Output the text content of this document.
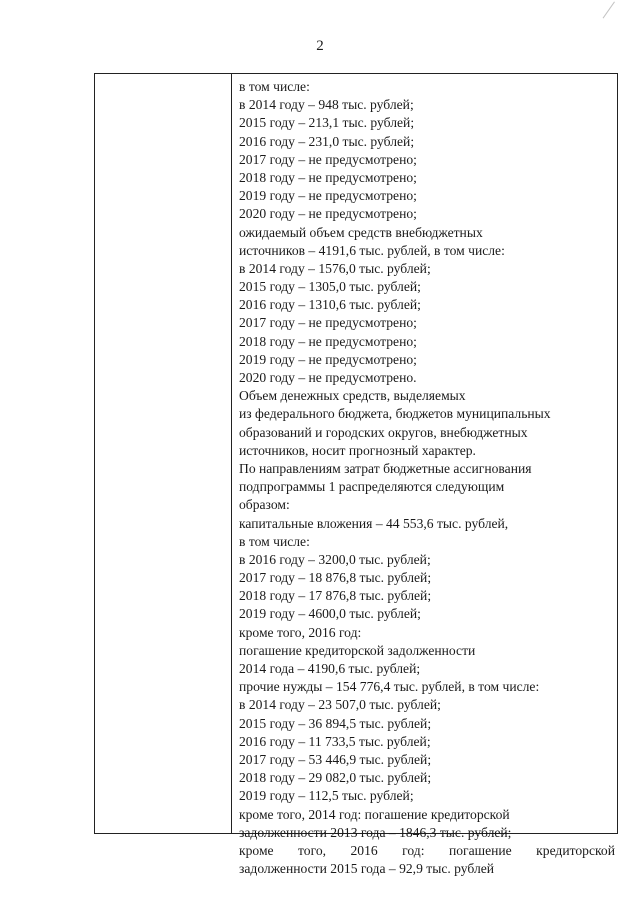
2
в том числе:
в 2014 году – 948 тыс. рублей;
2015 году – 213,1 тыс. рублей;
2016 году – 231,0 тыс. рублей;
2017 году – не предусмотрено;
2018 году – не предусмотрено;
2019 году – не предусмотрено;
2020 году – не предусмотрено;
ожидаемый объем средств внебюджетных
источников – 4191,6 тыс. рублей, в том числе:
в 2014 году – 1576,0 тыс. рублей;
2015 году – 1305,0 тыс. рублей;
2016 году – 1310,6 тыс. рублей;
2017 году – не предусмотрено;
2018 году – не предусмотрено;
2019 году – не предусмотрено;
2020 году – не предусмотрено.
Объем денежных средств, выделяемых
из федерального бюджета, бюджетов муниципальных
образований и городских округов, внебюджетных
источников, носит прогнозный характер.
По направлениям затрат бюджетные ассигнования
подпрограммы 1 распределяются следующим
образом:
капитальные вложения – 44 553,6 тыс. рублей,
в том числе:
в 2016 году – 3200,0 тыс. рублей;
2017 году – 18 876,8 тыс. рублей;
2018 году – 17 876,8 тыс. рублей;
2019 году – 4600,0 тыс. рублей;
кроме того, 2016 год:
погашение кредиторской задолженности
2014 года – 4190,6 тыс. рублей;
прочие нужды – 154 776,4 тыс. рублей, в том числе:
в 2014 году – 23 507,0 тыс. рублей;
2015 году – 36 894,5 тыс. рублей;
2016 году – 11 733,5 тыс. рублей;
2017 году – 53 446,9 тыс. рублей;
2018 году – 29 082,0 тыс. рублей;
2019 году – 112,5 тыс. рублей;
кроме того, 2014 год: погашение кредиторской
задолженности 2013 года – 1846,3 тыс. рублей;
кроме того, 2016 год: погашение кредиторской
задолженности 2015 года – 92,9 тыс. рублей
